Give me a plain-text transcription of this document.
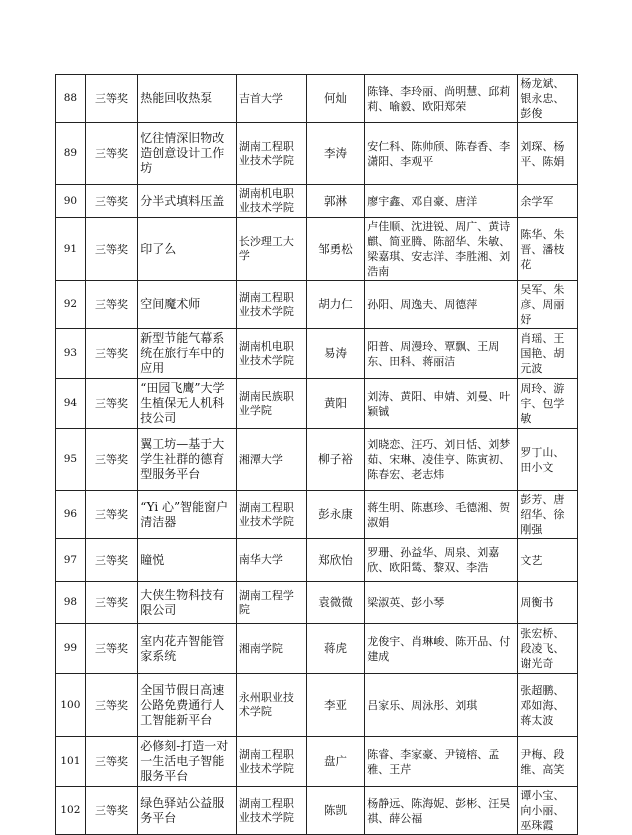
88	三等奖	热能回收热泵	吉首大学	何灿	陈锋、李玲丽、尚明慧、邱莉莉、喻毅、欧阳郑荣	杨龙斌、银永忠、彭俊
89	三等奖	忆往情深旧物改造创意设计工作坊	湖南工程职业技术学院	李涛	安仁科、陈帅颀、陈春香、李潇阳、李观平	刘琛、杨平、陈娟
90	三等奖	分半式填料压盖	湖南机电职业技术学院	郭淋	廖宇鑫、邓自豪、唐洋	余学军
91	三等奖	印了么	长沙理工大学	邹勇松	卢佳顺、沈进锐、周广、黄诗麒、简亚腾、陈韶华、朱敏、梁嘉琪、安志洋、李胜湘、刘浩南	陈华、朱晋、潘枝花
92	三等奖	空间魔术师	湖南工程职业技术学院	胡力仁	孙阳、周逸夫、周德萍	吴军、朱彦、周丽妤
93	三等奖	新型节能气幕系统在旅行车中的应用	湖南机电职业技术学院	易涛	阳普、周漫玲、覃飘、王周东、田科、蒋丽洁	肖瑶、王国艳、胡元波
94	三等奖	“田园飞鹰”大学生植保无人机科技公司	湖南民族职业学院	黄阳	刘涛、黄阳、申婧、刘曼、叶颖铖	周玲、游宇、包学敏
95	三等奖	翼工坊—基于大学生社群的德育型服务平台	湘潭大学	柳子裕	刘晓恋、汪巧、刘日恬、刘梦茹、宋琳、凌佳亨、陈寅初、陈春宏、老志炜	罗丁山、田小文
96	三等奖	“Yi 心”智能窗户清洁器	湖南工程职业技术学院	彭永康	蒋生明、陈惠珍、毛德湘、贺淑娟	彭芳、唐绍华、徐刚强
97	三等奖	瞳悦	南华大学	郑欣怡	罗珊、孙益华、周泉、刘嘉欣、欧阳鸶、黎双、李浩	文艺
98	三等奖	大侠生物科技有限公司	湖南工程学院	袁微微	梁淑英、彭小琴	周衡书
99	三等奖	室内花卉智能管家系统	湘南学院	蒋虎	龙俊宇、肖琳峻、陈开品、付建成	张宏桥、段凌飞、谢光奇
100	三等奖	全国节假日高速公路免费通行人工智能新平台	永州职业技术学院	李亚	吕家乐、周泳彤、刘琪	张超鹏、邓如海、蒋太波
101	三等奖	必修刻-打造一对一生活电子智能服务平台	湖南工程职业技术学院	盘广	陈睿、李家豪、尹镜榕、孟雅、王芹	尹梅、段维、高笑
102	三等奖	绿色驿站公益服务平台	湖南工程职业技术学院	陈凯	杨静远、陈海妮、彭彬、汪昊祺、薛公福	谭小宝、向小丽、巫珠霞
